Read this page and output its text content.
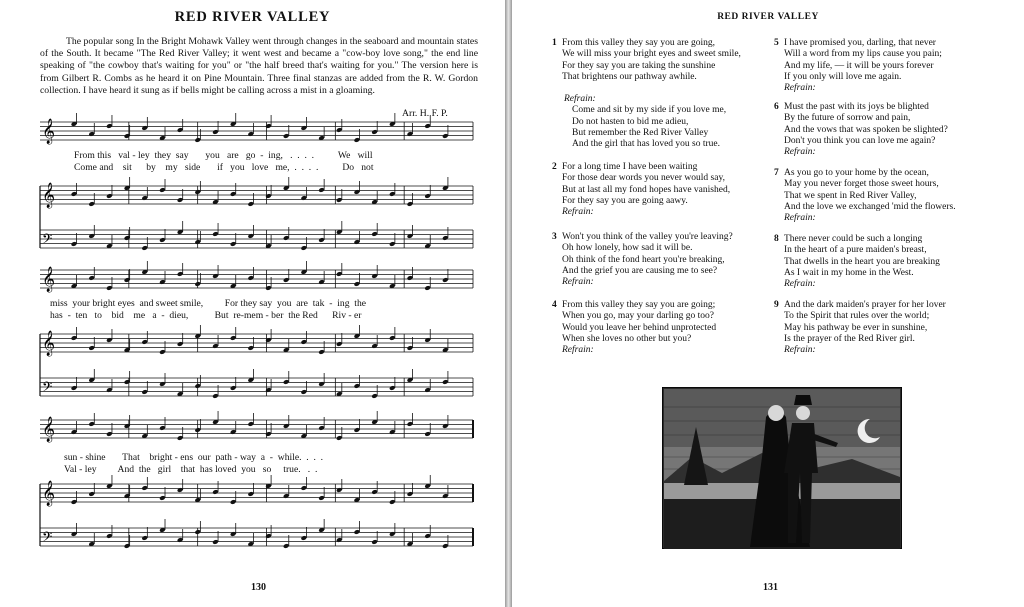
RED RIVER VALLEY

The popular song In the Bright Mohawk Valley went through changes in the seaboard and mountain states of the South. It became "The Red River Valley; it went west and became a "cow-boy love song," the end line speaking of "the cowboy that's waiting for you" or "the half breed that's waiting for you." The version here is from Gilbert R. Combs as he heard it on Pine Mountain. Three final stanzas are added from the R. W. Gordon collection. I have heard it sung as if bells might be calling across a mist in a gloaming.

Arr. H. F. P.
𝄞
𝄞
𝄢
𝄞
𝄞
𝄢
𝄞
𝄞
𝄢
From this   val - ley  they  say       you   are   go  -  ing,   .  .  .  .          We   will
Come and    sit      by    my   side       if   you   love   me,  .  .  .  .          Do   not
miss  your bright eyes  and sweet smile,         For they say  you  are  tak  -  ing  the
has  -  ten   to    bid    me   a  -  dieu,           But  re-mem - ber  the Red      Riv - er
sun - shine       That    bright - ens  our  path - way  a  -  while.  .  .  .
Val - ley         And  the   girl    that  has loved  you   so     true.   .  .
130
RED RIVER VALLEY
1 From this valley they say you are going,
We will miss your bright eyes and sweet smile,
For they say you are taking the sunshine
That brightens our pathway awhile.
Refrain:
Come and sit by my side if you love me,
Do not hasten to bid me adieu,
But remember the Red River Valley
And the girl that has loved you so true.
2 For a long time I have been waiting
For those dear words you never would say,
But at last all my fond hopes have vanished,
For they say you are going aawy.
Refrain:
3 Won't you think of the valley you're leaving?
Oh how lonely, how sad it will be.
Oh think of the fond heart you're breaking,
And the grief you are causing me to see?
Refrain:
4 From this valley they say you are going;
When you go, may your darling go too?
Would you leave her behind unprotected
When she loves no other but you?
Refrain:
5 I have promised you, darling, that never
Will a word from my lips cause you pain;
And my life, — it will be yours forever
If you only will love me again.
Refrain:
6 Must the past with its joys be blighted
By the future of sorrow and pain,
And the vows that was spoken be slighted?
Don't you think you can love me again?
Refrain:
7 As you go to your home by the ocean,
May you never forget those sweet hours,
That we spent in Red River Valley,
And the love we exchanged 'mid the flowers.
Refrain:
8 There never could be such a longing
In the heart of a pure maiden's breast,
That dwells in the heart you are breaking
As I wait in my home in the West.
Refrain:
9 And the dark maiden's prayer for her lover
To the Spirit that rules over the world;
May his pathway be ever in sunshine,
Is the prayer of the Red River girl.
Refrain:
131
